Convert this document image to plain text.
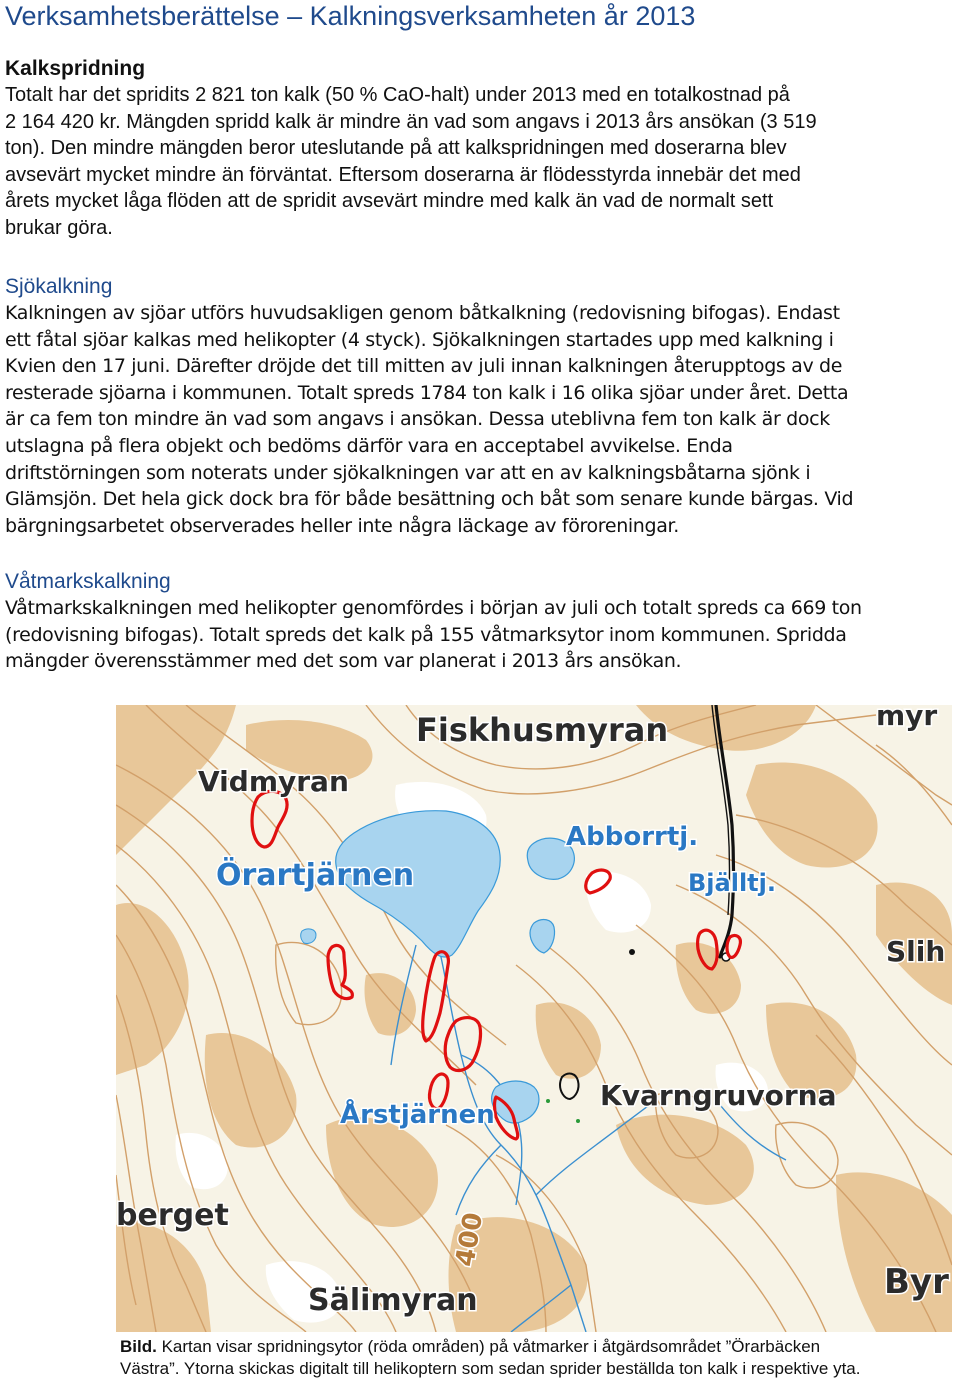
Verksamhetsberättelse – Kalkningsverksamheten år 2013
Kalkspridning
Totalt har det spridits 2 821 ton kalk (50 % CaO-halt) under 2013 med en totalkostnad på
2 164 420 kr. Mängden spridd kalk är mindre än vad som angavs i 2013 års ansökan (3 519
ton). Den mindre mängden beror uteslutande på att kalkspridningen med doserarna blev
avsevärt mycket mindre än förväntat. Eftersom doserarna är flödesstyrda innebär det med
årets mycket låga flöden att de spridit avsevärt mindre med kalk än vad de normalt sett
brukar göra.
Sjökalkning
Kalkningen av sjöar utförs huvudsakligen genom båtkalkning (redovisning bifogas). Endast
ett fåtal sjöar kalkas med helikopter (4 styck). Sjökalkningen startades upp med kalkning i
Kvien den 17 juni. Därefter dröjde det till mitten av juli innan kalkningen återupptogs av de
resterade sjöarna i kommunen. Totalt spreds 1784 ton kalk i 16 olika sjöar under året. Detta
är ca fem ton mindre än vad som angavs i ansökan. Dessa uteblivna fem ton kalk är dock
utslagna på flera objekt och bedöms därför vara en acceptabel avvikelse. Enda
driftstörningen som noterats under sjökalkningen var att en av kalkningsbåtarna sjönk i
Glämsjön. Det hela gick dock bra för både besättning och båt som senare kunde bärgas. Vid
bärgningsarbetet observerades heller inte några läckage av föroreningar.
Våtmarkskalkning
Våtmarkskalkningen med helikopter genomfördes i början av juli och totalt spreds ca 669 ton
(redovisning bifogas). Totalt spreds det kalk på 155 våtmarksytor inom kommunen. Spridda
mängder överensstämmer med det som var planerat i 2013 års ansökan.
Fiskhusmyran	myr
Vidmyran
Abborrtj.
Örartjärnen	Bjälltj.
Slih
Kvarngruvorna
Årstjärnen
berget	400
Sälimyran	Byr
Bild. Kartan visar spridningsytor (röda områden) på våtmarker i åtgärdsområdet ”Örarbäcken
Västra”. Ytorna skickas digitalt till helikoptern som sedan sprider beställda ton kalk i respektive yta.
